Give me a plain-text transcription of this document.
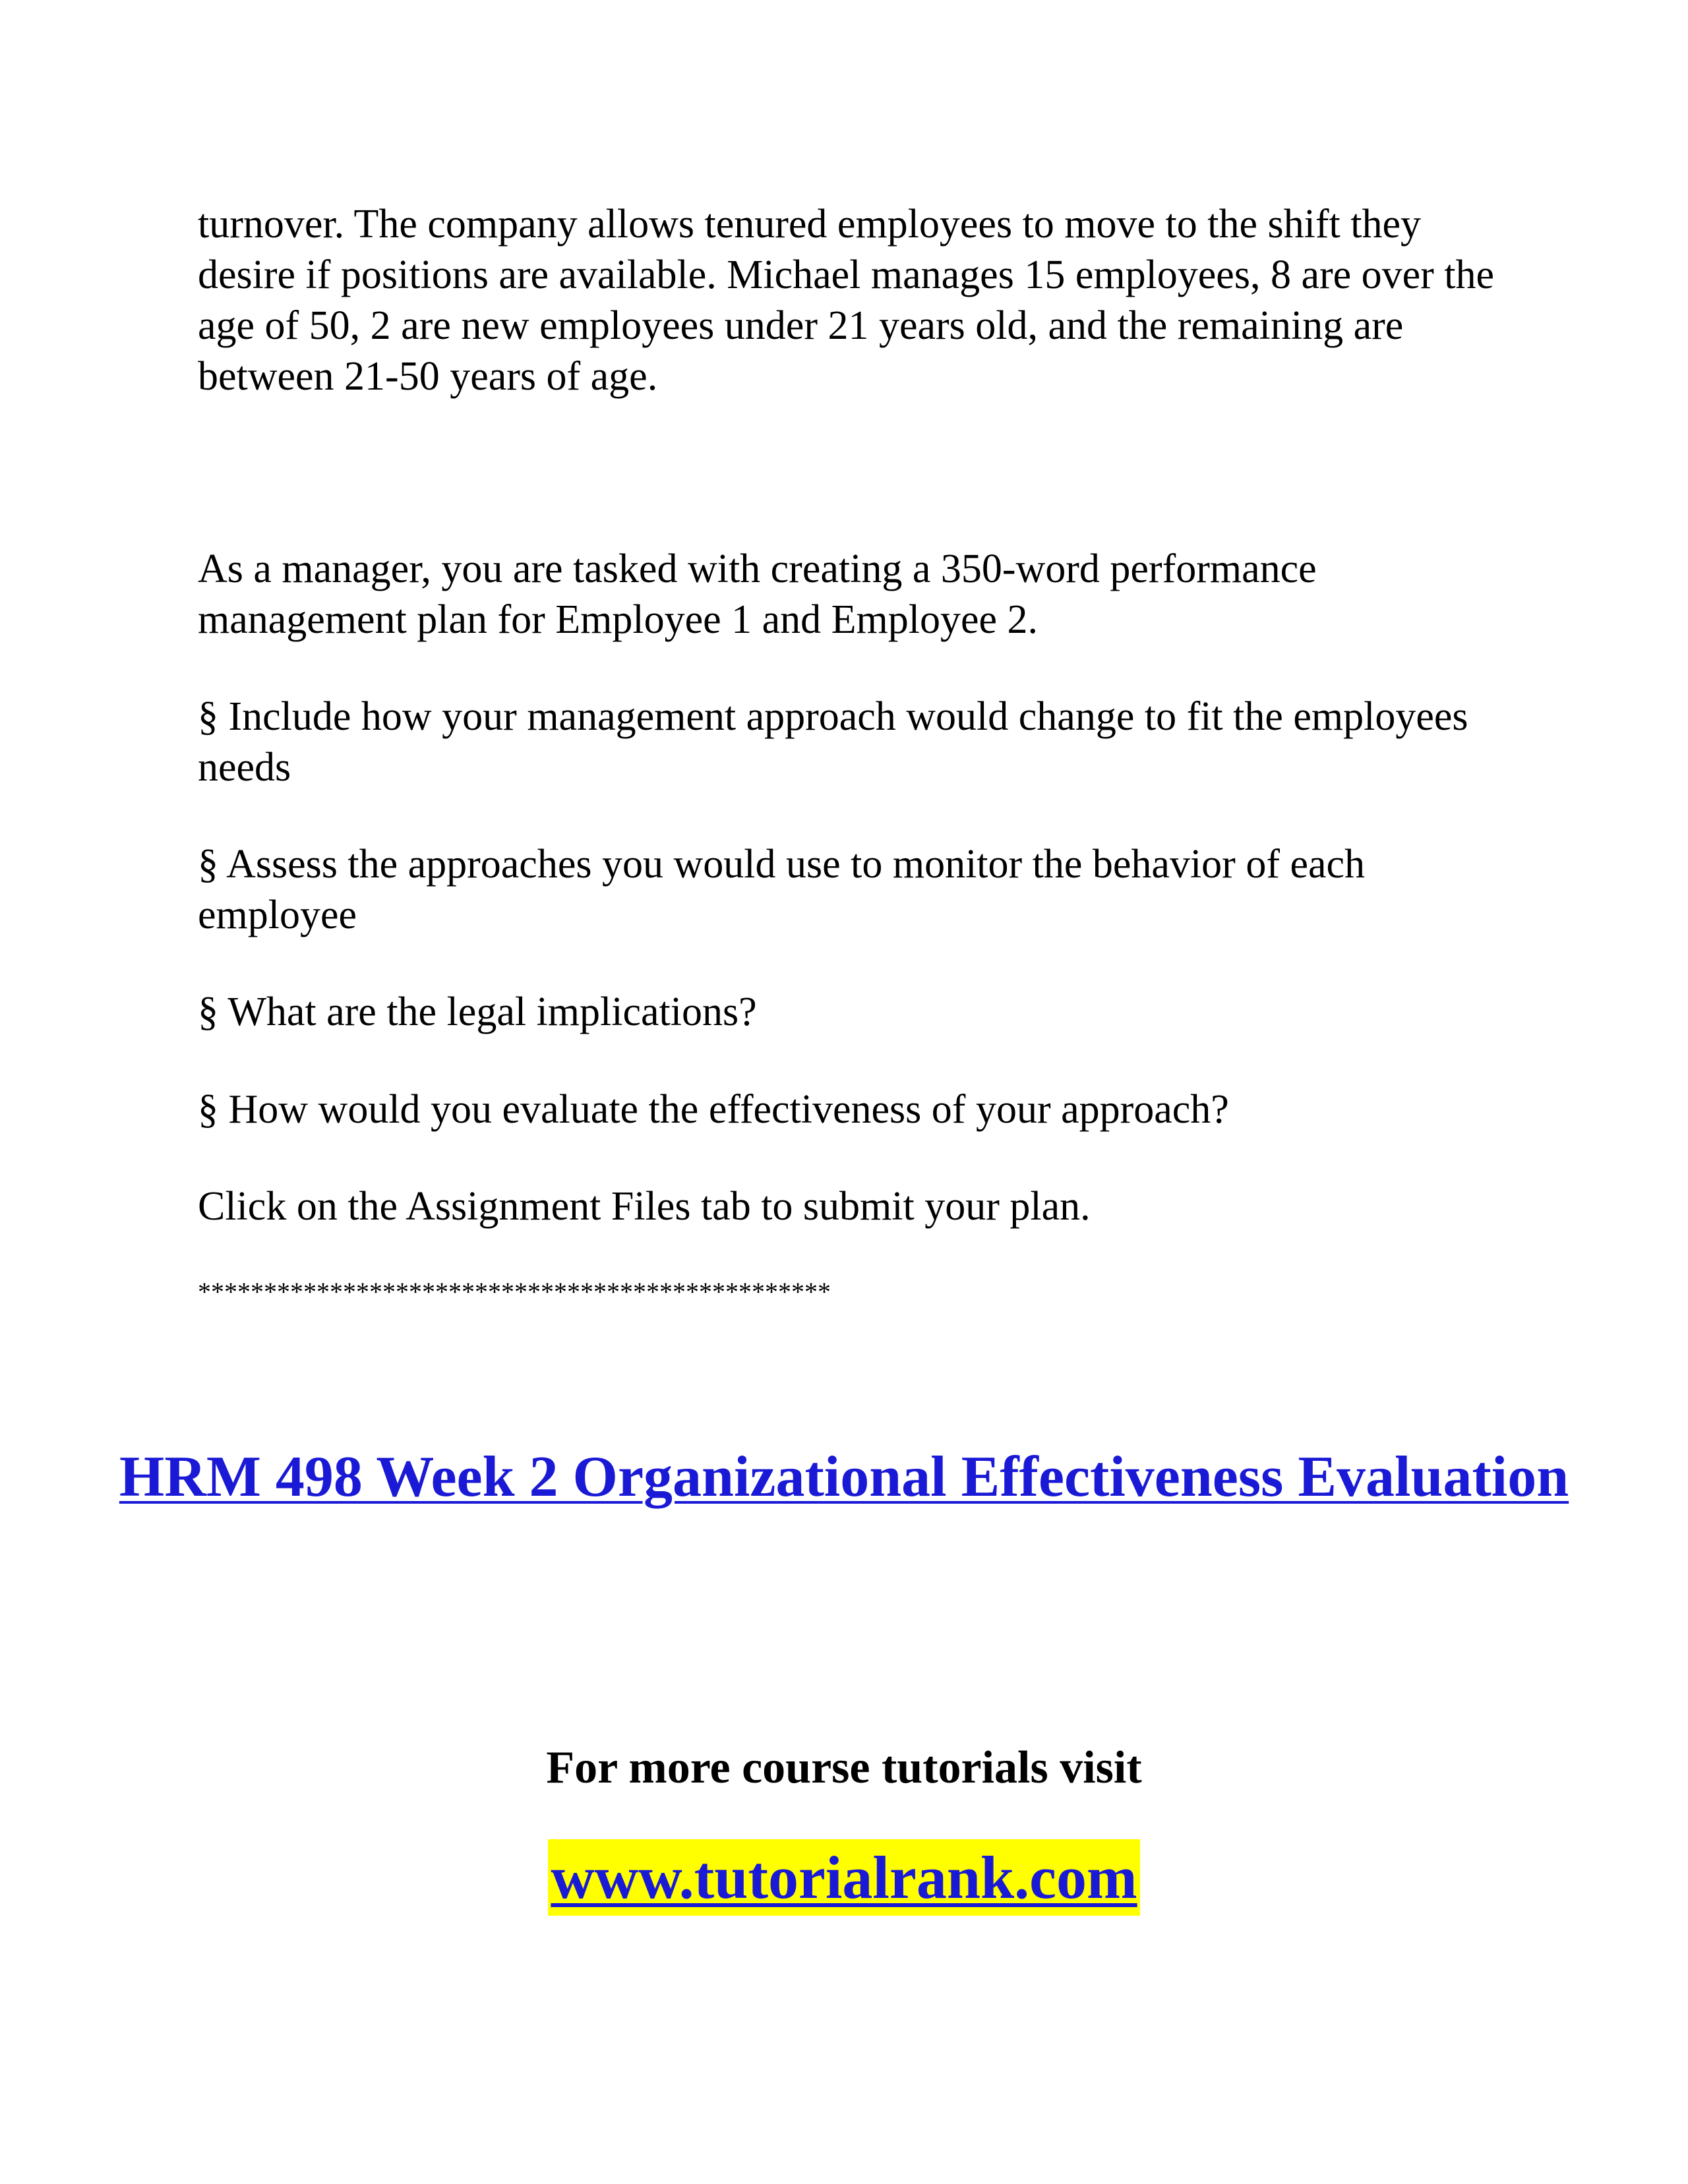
turnover. The company allows tenured employees to move to the shift they desire if positions are available. Michael manages 15 employees, 8 are over the age of 50, 2 are new employees under 21 years old, and the remaining are between 21-50 years of age.

As a manager, you are tasked with creating a 350-word performance management plan for Employee 1 and Employee 2.

§ Include how your management approach would change to fit the employees needs

§ Assess the approaches you would use to monitor the behavior of each employee

§ What are the legal implications?

§ How would you evaluate the effectiveness of your approach?

Click on the Assignment Files tab to submit your plan.

************************************************

HRM 498 Week 2 Organizational Effectiveness Evaluation

For more course tutorials visit

www.tutorialrank.com
